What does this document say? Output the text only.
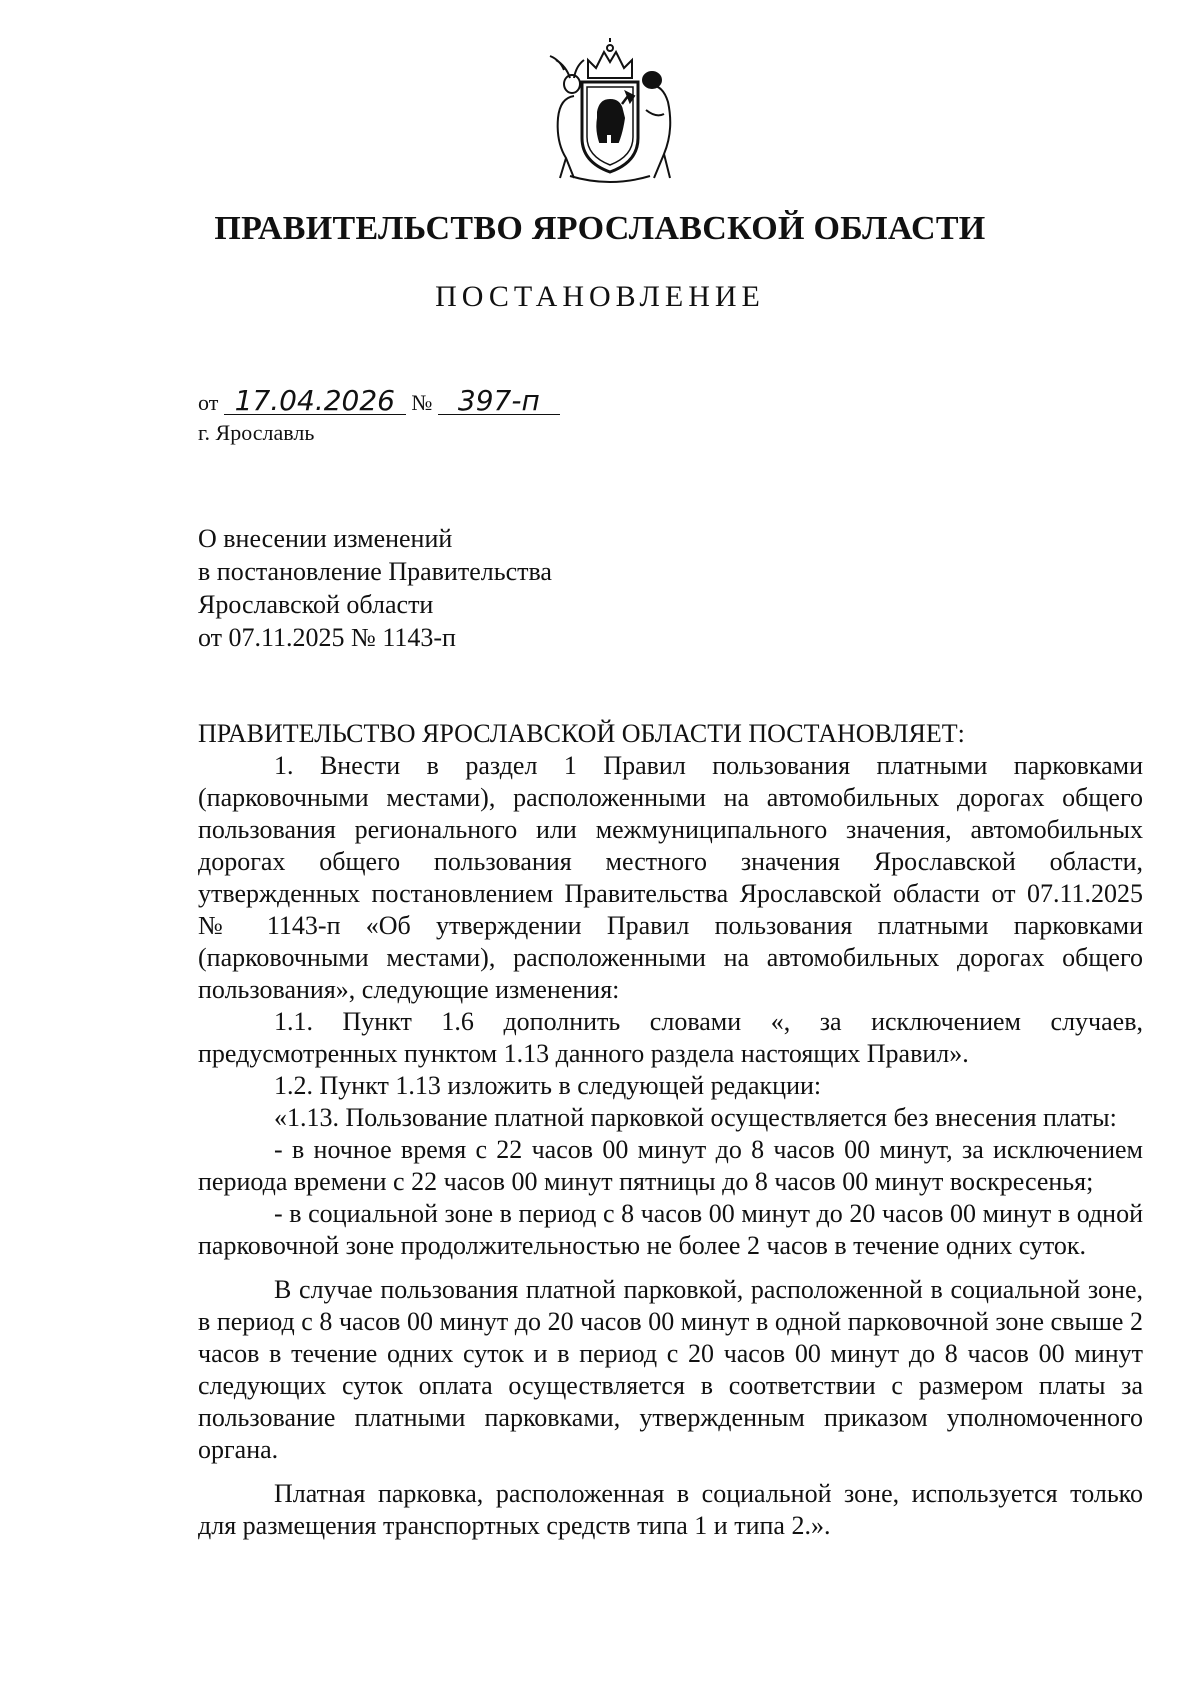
ПРАВИТЕЛЬСТВО ЯРОСЛАВСКОЙ ОБЛАСТИ
ПОСТАНОВЛЕНИЕ
от 17.04.2026 № 397-п
г. Ярославль
О внесении изменений
в постановление Правительства
Ярославской области
от 07.11.2025 № 1143-п

ПРАВИТЕЛЬСТВО ЯРОСЛАВСКОЙ ОБЛАСТИ ПОСТАНОВЛЯЕТ:

1. Внести в раздел 1 Правил пользования платными парковками (парковочными местами), расположенными на автомобильных дорогах общего пользования регионального или межмуниципального значения, автомобильных дорогах общего пользования местного значения Ярославской области, утвержденных постановлением Правительства Ярославской области от 07.11.2025 № 1143-п «Об утверждении Правил пользования платными парковками (парковочными местами), расположенными на автомобильных дорогах общего пользования», следующие изменения:

1.1. Пункт 1.6 дополнить словами «, за исключением случаев, предусмотренных пунктом 1.13 данного раздела настоящих Правил».

1.2. Пункт 1.13 изложить в следующей редакции:

«1.13. Пользование платной парковкой осуществляется без внесения платы:

- в ночное время с 22 часов 00 минут до 8 часов 00 минут, за исключением периода времени с 22 часов 00 минут пятницы до 8 часов 00 минут воскресенья;

- в социальной зоне в период с 8 часов 00 минут до 20 часов 00 минут в одной парковочной зоне продолжительностью не более 2 часов в течение одних суток.

В случае пользования платной парковкой, расположенной в социальной зоне, в период с 8 часов 00 минут до 20 часов 00 минут в одной парковочной зоне свыше 2 часов в течение одних суток и в период с 20 часов 00 минут до 8 часов 00 минут следующих суток оплата осуществляется в соответствии с размером платы за пользование платными парковками, утвержденным приказом уполномоченного органа.

Платная парковка, расположенная в социальной зоне, используется только для размещения транспортных средств типа 1 и типа 2.».
